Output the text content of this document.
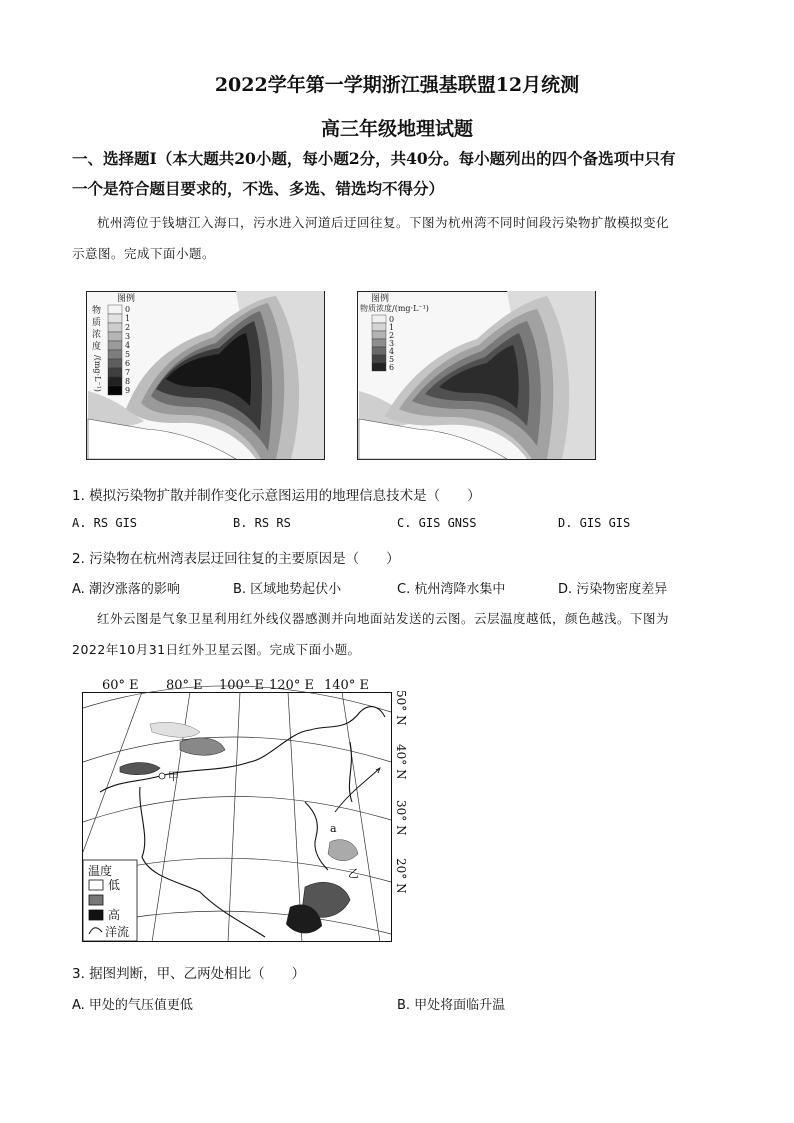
2022学年第一学期浙江强基联盟12月统测
高三年级地理试题
一、选择题Ⅰ（本大题共20小题，每小题2分，共40分。每小题列出的四个备选项中只有
一个是符合题目要求的，不选、多选、错选均不得分）
杭州湾位于钱塘江入海口，污水进入河道后迂回往复。下图为杭州湾不同时间段污染物扩散模拟变化
示意图。完成下面小题。
图例
物
质
浓
度
/(mg·L⁻¹)
0
1
2
3
4
5
6
7
8
9
图例
物质浓度/(mg·L⁻¹)
0
1
2
3
4
5
6
1. 模拟污染物扩散并制作变化示意图运用的地理信息技术是（　　）
A. RS GIS	B. RS RS	C. GIS GNSS	D. GIS GIS
2. 污染物在杭州湾表层迂回往复的主要原因是（　　）
A. 潮汐涨落的影响	B. 区域地势起伏小	C. 杭州湾降水集中	D. 污染物密度差异
红外云图是气象卫星利用红外线仪器感测并向地面站发送的云图。云层温度越低，颜色越浅。下图为
2022年10月31日红外卫星云图。完成下面小题。
60° E 80° E 100° E 120° E 140° E
50° N
40° N
30° N
20° N
甲
a
乙
温度
低
高
洋流
3. 据图判断，甲、乙两处相比（　　）
A. 甲处的气压值更低	B. 甲处将面临升温
